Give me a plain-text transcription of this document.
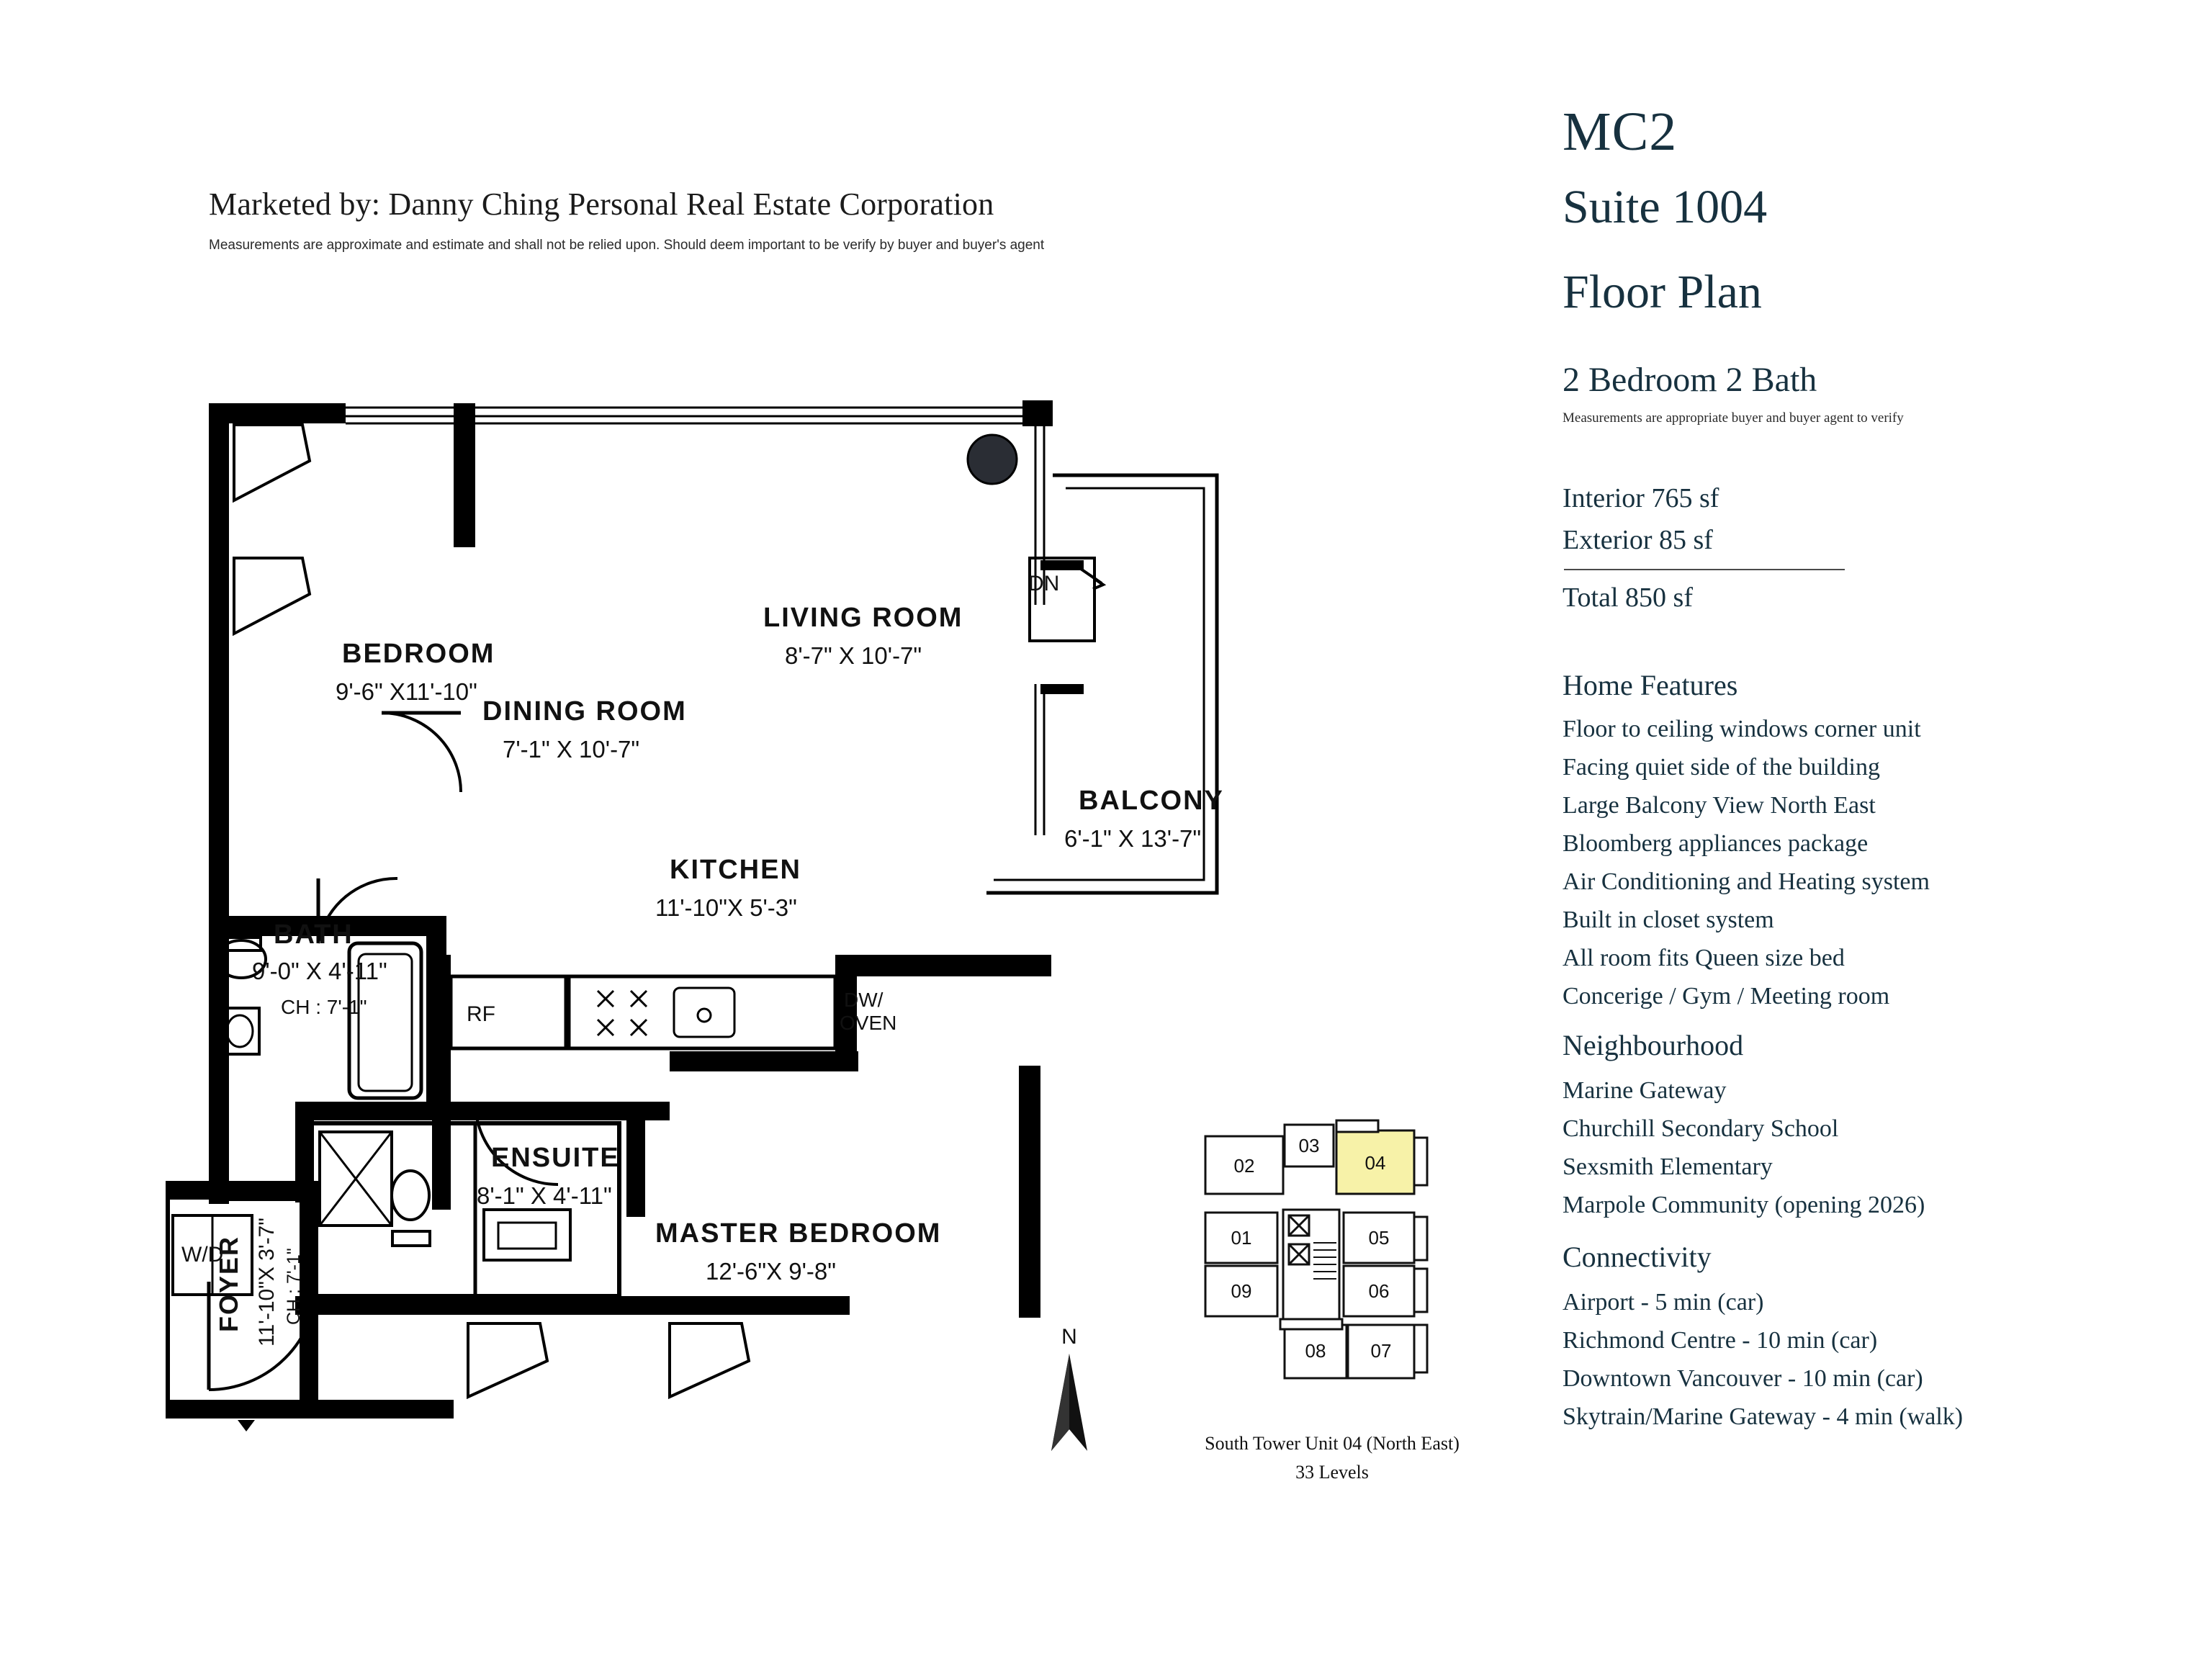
Marketed by: Danny Ching Personal Real Estate Corporation
Measurements are approximate and estimate and shall not be relied upon. Should deem important to be verify by buyer and buyer's agent
MC2
Suite 1004
Floor Plan
2 Bedroom 2 Bath
Measurements are appropriate buyer and buyer agent to verify
Interior 765 sf
Exterior 85 sf
Total 850 sf
Home Features
Floor to ceiling windows corner unit
Facing quiet side of the building
Large Balcony View North East
Bloomberg appliances package
Air Conditioning and Heating system
Built in closet system
All room fits Queen size bed
Concerige / Gym / Meeting room
Neighbourhood
Marine Gateway
Churchill Secondary School
Sexsmith Elementary
Marpole Community (opening 2026)
Connectivity
Airport - 5 min (car)
Richmond Centre - 10 min (car)
Downtown Vancouver - 10 min (car)
Skytrain/Marine Gateway - 4 min (walk)
BEDROOM
9'-6" X11'-10"
DINING ROOM
7'-1" X 10'-7"
LIVING ROOM
8'-7" X 10'-7"
BALCONY
6'-1" X 13'-7"
KITCHEN
11'-10"X 5'-3"
BATH
9'-0" X 4'-11"
CH : 7'-1"
MASTER BEDROOM
12'-6"X 9'-8"
ENSUITE
8'-1" X 4'-11"
FOYER 11'-10"X 3'-7" CH : 7'-1"
DN
RF
DW/
OVEN
W/D
N
02
03
04
01	05
09	06
08 07
South Tower Unit 04 (North East)
33 Levels
